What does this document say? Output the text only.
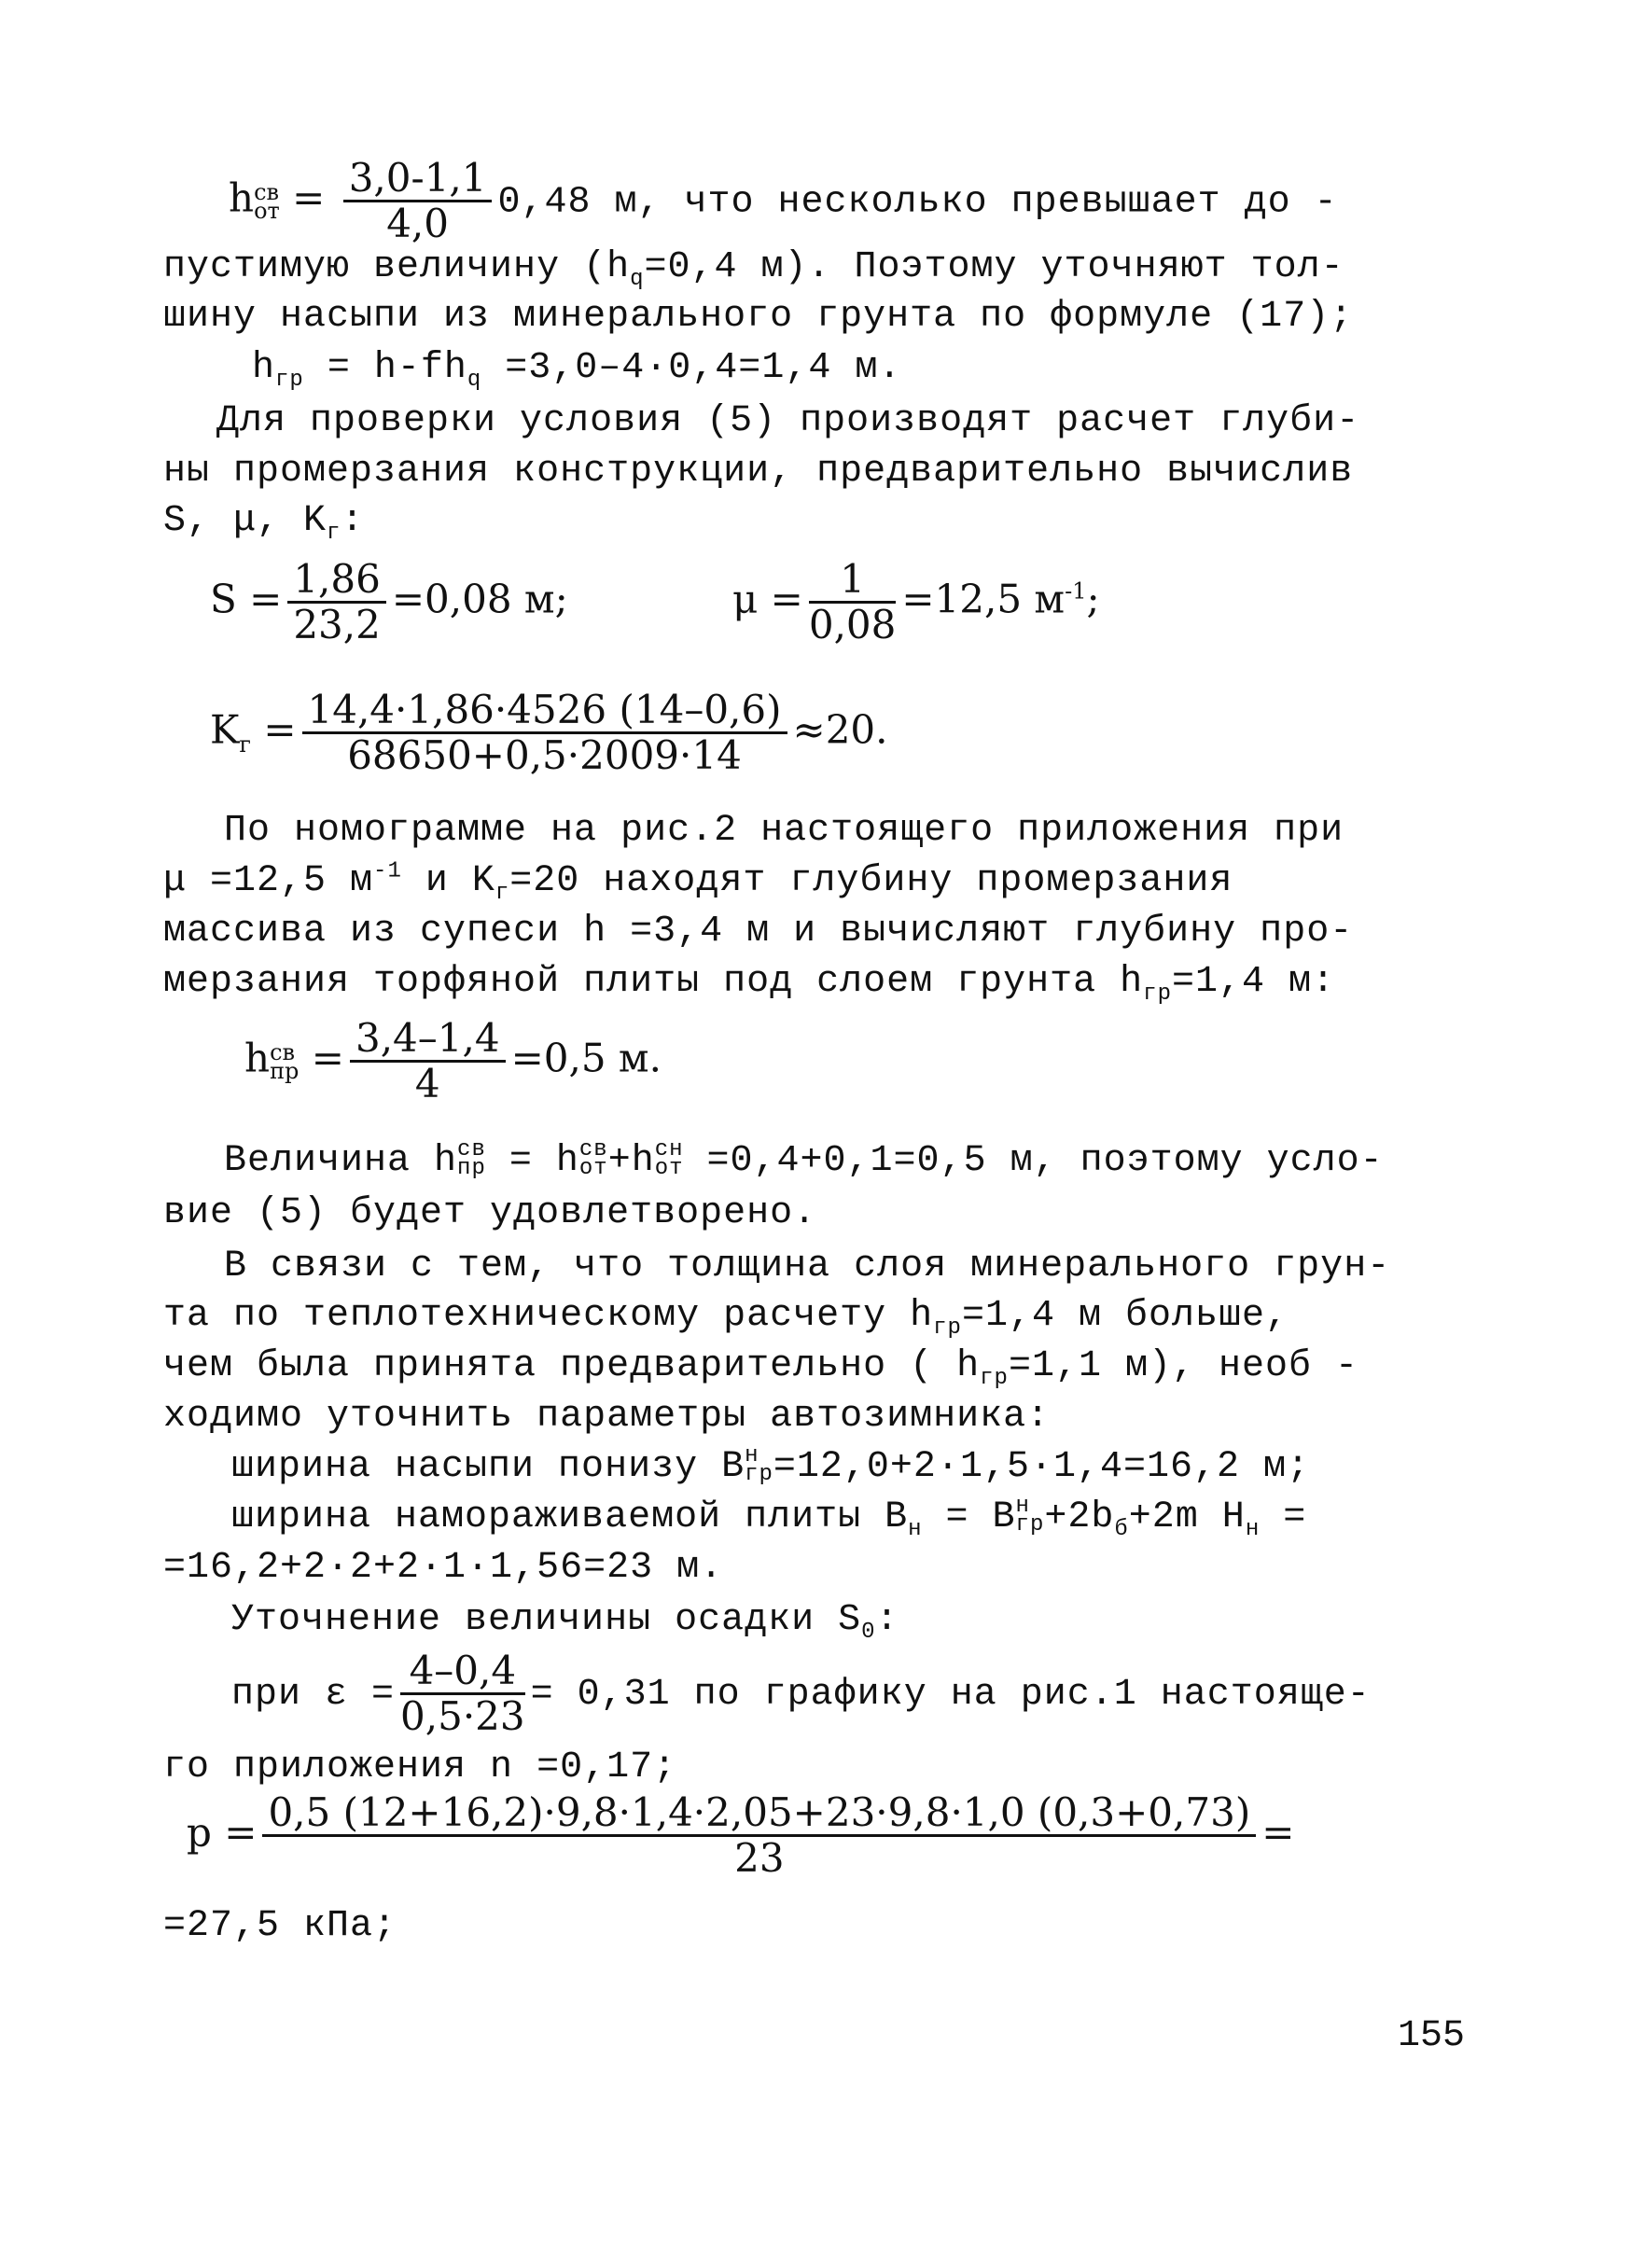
h св
от = $\frac{3,0-1,1}{4,0} 0,48$ м, что несколько превышает до -
пустимую величину ($h_q=0,4$ м). Поэтому уточняют тол-
шину насыпи из минерального грунта по формуле (17);
$h_{гр} = h-fh_q =3,0-4\cdot 0,4=1,4$ м.
Для проверки условия (5) производят расчет глуби-
ны промерзания конструкции, предварительно вычислив
S, μ, $K_г$:
$S = \frac{1,86}{23,2} =0,08$ м;	$\mu = \frac{1}{0,08} =12,5$ $м^{-1}$;
$K_г = \frac{14,4\cdot 1,86\cdot 4526 (14-0,6)}{68650+0,5\cdot 2009\cdot 14} \approx 20$.
По номограмме на рис.2 настоящего приложения при
μ =12,5 $м^{-1}$ и $K_г=20$ находят глубину промерзания
массива из супеси h =3,4 м и вычисляют глубину про-
мерзания торфяной плиты под слоем грунта $h_{гр}=1,4$ м:
h св
пр = $\frac{3,4-1,4}{4} =0,5$ м.
Величина h св
пр = h св
от +h сн
от =0,4+0,1=0,5 м, поэтому усло-
вие (5) будет удовлетворено.
В связи с тем, что толщина слоя минерального грун-
та по теплотехническому расчету $h_{гр}=1,4$ м больше,
чем была принята предварительно ( $h_{гр}=1,1$ м), необ -
ходимо уточнить параметры автозимника:
ширина насыпи понизу B н
гр =12,0+2·1,5·1,4=16,2 м;
ширина намораживаемой плиты $B_н = B$ н
гр $+2b_б+2m$ $H_н$ =
=16,2+2·2+2·1·1,56=23 м.
Уточнение величины осадки $S_0$:
при $\varepsilon = \frac{4-0,4}{0,5\cdot 23} = 0,31$ по графику на рис.1 настояще-
го приложения n =0,17;
$p = \frac{0,5 (12+16,2)\cdot 9,8\cdot 1,4\cdot 2,05+23\cdot 9,8\cdot 1,0 (0,3+0,73)}{23}$ =
=27,5 кПа;
155
